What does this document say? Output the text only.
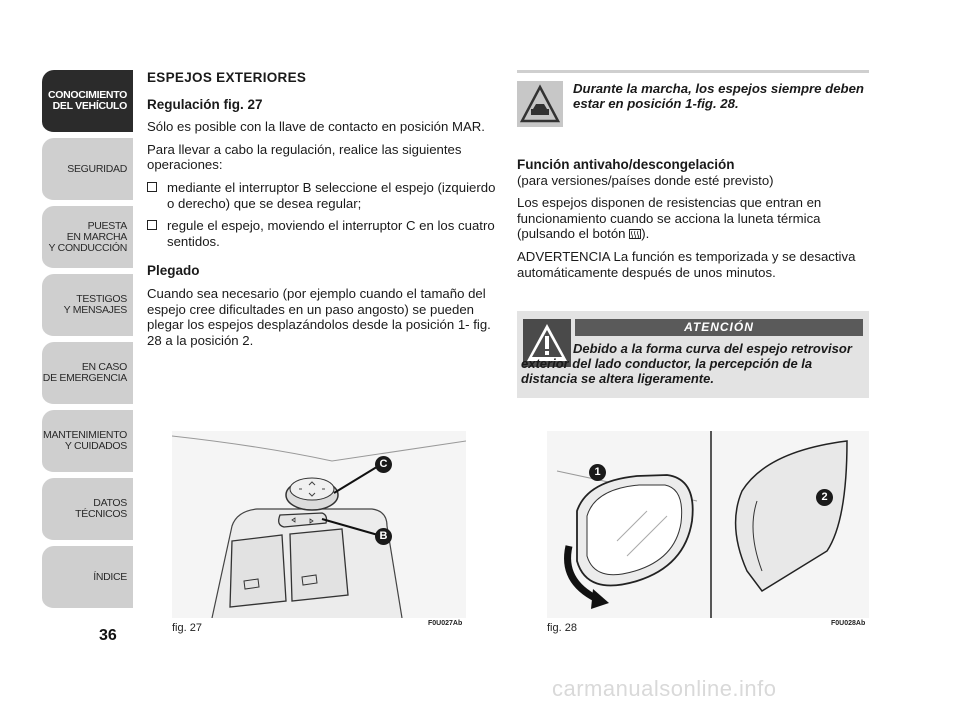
CONOCIMIENTO
DEL VEHÍCULO
SEGURIDAD
PUESTA
EN MARCHA
Y CONDUCCIÓN
TESTIGOS
Y MENSAJES
EN CASO
DE EMERGENCIA
MANTENIMIENTO
Y CUIDADOS
DATOS TÉCNICOS
ÍNDICE
36
ESPEJOS EXTERIORES
Regulación fig. 27
Sólo es posible con la llave de contacto en posición MAR.
Para llevar a cabo la regulación, realice las siguientes operaciones:
mediante el interruptor B seleccione el espejo (izquierdo o derecho) que se desea regular;
regule el espejo, moviendo el interruptor C en los cuatro sentidos.
Plegado
Cuando sea necesario (por ejemplo cuando el tamaño del espejo cree dificultades en un paso angosto) se pueden plegar los espejos desplazándolos desde la posición 1- fig. 28 a la posición 2.
Durante la marcha, los espejos siempre deben estar en posición 1-fig. 28.
Función antivaho/descongelación
(para versiones/países donde esté previsto)
Los espejos disponen de resistencias que entran en funcionamiento cuando se acciona la luneta térmica (pulsando el botón ).
ADVERTENCIA La función es temporizada y se desactiva automáticamente después de unos minutos.
ATENCIÓN
Debido a la forma curva del espejo retrovisor exterior del lado conductor, la percepción de la distancia se altera ligeramente.
C
B
fig. 27	F0U027Ab
1
2
fig. 28	F0U028Ab
carmanualsonline.info
